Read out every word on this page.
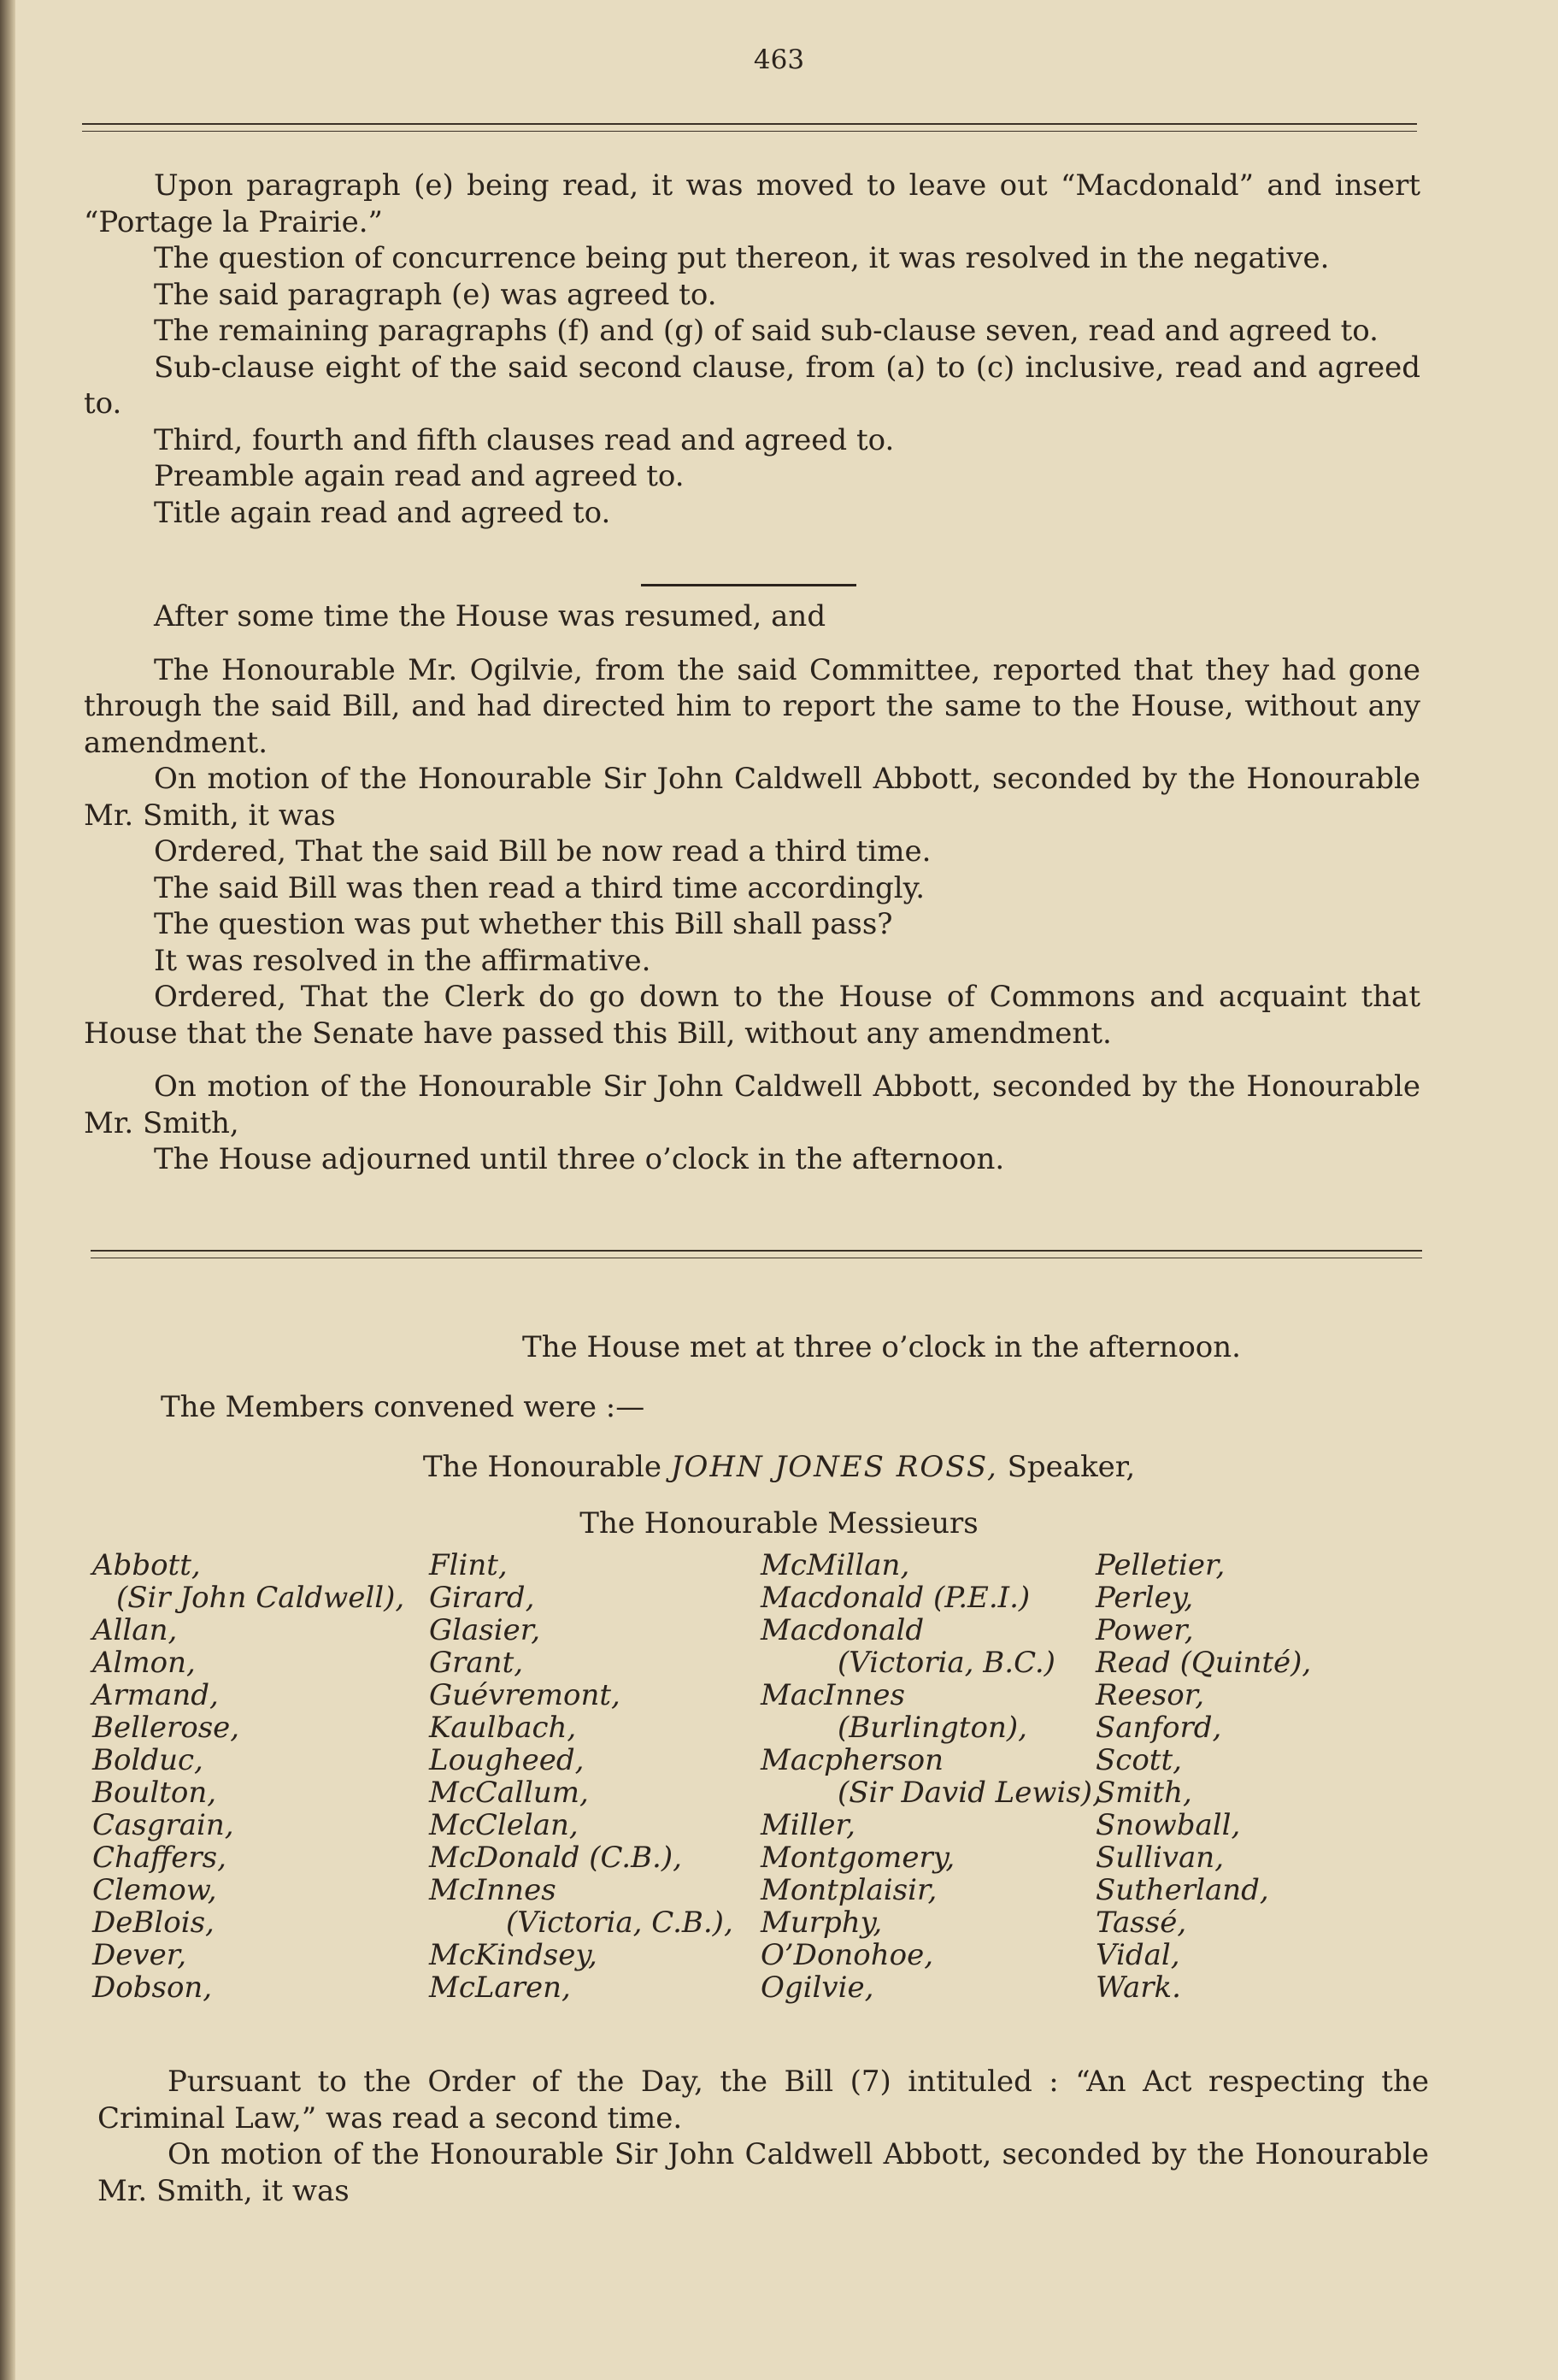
463

Upon paragraph (e) being read, it was moved to leave out “Macdonald” and insert “Portage la Prairie.”

The question of concurrence being put thereon, it was resolved in the negative.

The said paragraph (e) was agreed to.

The remaining paragraphs (f) and (g) of said sub-clause seven, read and agreed to.

Sub-clause eight of the said second clause, from (a) to (c) inclusive, read and agreed to.

Third, fourth and fifth clauses read and agreed to.

Preamble again read and agreed to.

Title again read and agreed to.

After some time the House was resumed, and

The Honourable Mr. Ogilvie, from the said Committee, reported that they had gone through the said Bill, and had directed him to report the same to the House, without any amendment.

On motion of the Honourable Sir John Caldwell Abbott, seconded by the Honourable Mr. Smith, it was

Ordered, That the said Bill be now read a third time.

The said Bill was then read a third time accordingly.

The question was put whether this Bill shall pass?

It was resolved in the affirmative.

Ordered, That the Clerk do go down to the House of Commons and acquaint that House that the Senate have passed this Bill, without any amendment.

On motion of the Honourable Sir John Caldwell Abbott, seconded by the Honourable Mr. Smith,

The House adjourned until three o’clock in the afternoon.

The House met at three o’clock in the afternoon.
The Members convened were :—
The Honourable JOHN JONES ROSS, Speaker,
The Honourable Messieurs
Abbott,
(Sir John Caldwell),
Allan,
Almon,
Armand,
Bellerose,
Bolduc,
Boulton,
Casgrain,
Chaffers,
Clemow,
DeBlois,
Dever,
Dobson,
Flint,
Girard,
Glasier,
Grant,
Guévremont,
Kaulbach,
Lougheed,
McCallum,
McClelan,
McDonald (C.B.),
McInnes
(Victoria, C.B.),
McKindsey,
McLaren,
McMillan,
Macdonald (P.E.I.)
Macdonald
(Victoria, B.C.)
MacInnes
(Burlington),
Macpherson
(Sir David Lewis),
Miller,
Montgomery,
Montplaisir,
Murphy,
O’Donohoe,
Ogilvie,
Pelletier,
Perley,
Power,
Read (Quinté),
Reesor,
Sanford,
Scott,
Smith,
Snowball,
Sullivan,
Sutherland,
Tassé,
Vidal,
Wark.

Pursuant to the Order of the Day, the Bill (7) intituled : “An Act respecting the Criminal Law,” was read a second time.

On motion of the Honourable Sir John Caldwell Abbott, seconded by the Honourable Mr. Smith, it was
